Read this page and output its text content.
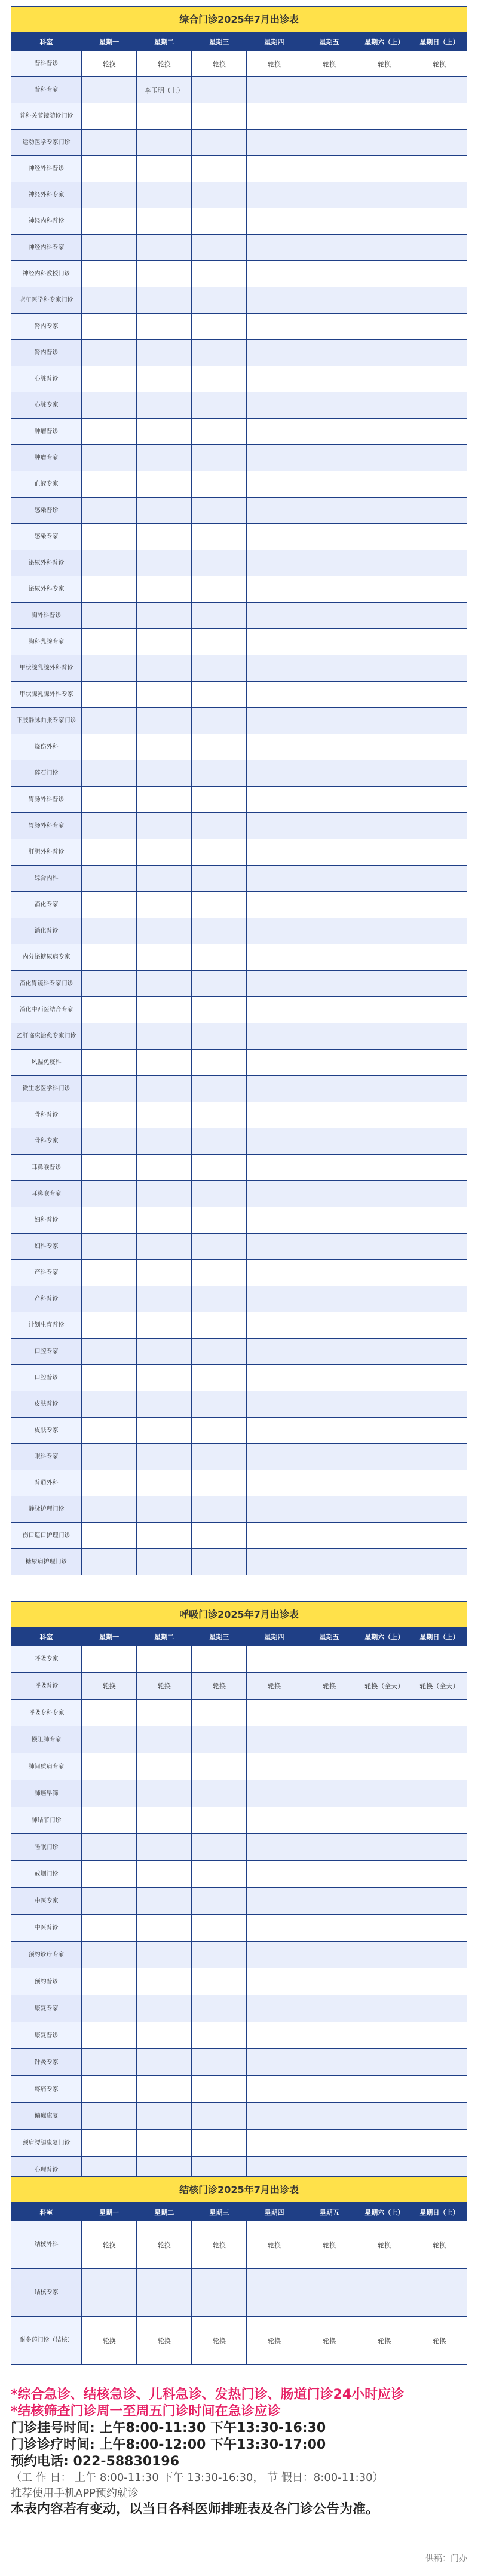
综合门诊2025年7月出诊表
科室	星期一	星期二	星期三	星期四	星期五	星期六（上）	星期日（上）
普科普诊	轮换	轮换	轮换	轮换	轮换	轮换	轮换
普科专家		李玉明（上）					
普科关节镜随诊门诊							
运动医学专家门诊							
神经外科普诊							
神经外科专家							
神经内科普诊							
神经内科专家							
神经内科教授门诊							
老年医学科专家门诊							
肾内专家							
肾内普诊							
心脏普诊							
心脏专家							
肿瘤普诊							
肿瘤专家							
血液专家							
感染普诊							
感染专家							
泌尿外科普诊							
泌尿外科专家							
胸外科普诊							
胸科乳腺专家							
甲状腺乳腺外科普诊							
甲状腺乳腺外科专家							
下肢静脉曲张专家门诊							
烧伤外科							
碎石门诊							
胃肠外科普诊							
胃肠外科专家							
肝胆外科普诊							
综合内科							
消化专家							
消化普诊							
内分泌糖尿病专家							
消化胃镜科专家门诊							
消化中西医结合专家							
乙肝临床治愈专家门诊							
风湿免疫科							
微生态医学科门诊							
骨科普诊							
骨科专家							
耳鼻喉普诊							
耳鼻喉专家							
妇科普诊							
妇科专家							
产科专家							
产科普诊							
计划生育普诊							
口腔专家							
口腔普诊							
皮肤普诊							
皮肤专家							
眼科专家							
普通外科							
静脉护理门诊							
伤口造口护理门诊							
糖尿病护理门诊							
呼吸门诊2025年7月出诊表
科室	星期一	星期二	星期三	星期四	星期五	星期六（上）	星期日（上）
呼吸专家							
呼吸普诊	轮换	轮换	轮换	轮换	轮换	轮换（全天）	轮换（全天）
呼吸专科专家							
慢阻肺专家							
肺间质病专家							
肺癌早筛							
肺结节门诊							
睡眠门诊							
戒烟门诊							
中医专家							
中医普诊							
预约诊疗专家							
预约普诊							
康复专家							
康复普诊							
针灸专家							
疼痛专家							
偏瘫康复							
颈肩腰腿康复门诊							
心理普诊							
结核门诊2025年7月出诊表
科室	星期一	星期二	星期三	星期四	星期五	星期六（上）	星期日（上）
结核外科	轮换	轮换	轮换	轮换	轮换	轮换	轮换
结核专家							
耐多药门诊（结核）	轮换	轮换	轮换	轮换	轮换	轮换	轮换
*综合急诊、结核急诊、儿科急诊、发热门诊、肠道门诊24小时应诊
*结核筛查门诊周一至周五门诊时间在急诊应诊
门诊挂号时间: 上午8:00-11:30 下午13:30-16:30
门诊诊疗时间: 上午8:00-12:00 下午13:30-17:00
预约电话: 022-58830196
（工 作 日： 上午 8:00-11:30 下午 13:30-16:30， 节 假日：8:00-11:30）
推荐使用手机APP预约就诊
本表内容若有变动，以当日各科医师排班表及各门诊公告为准。
供稿：门办
